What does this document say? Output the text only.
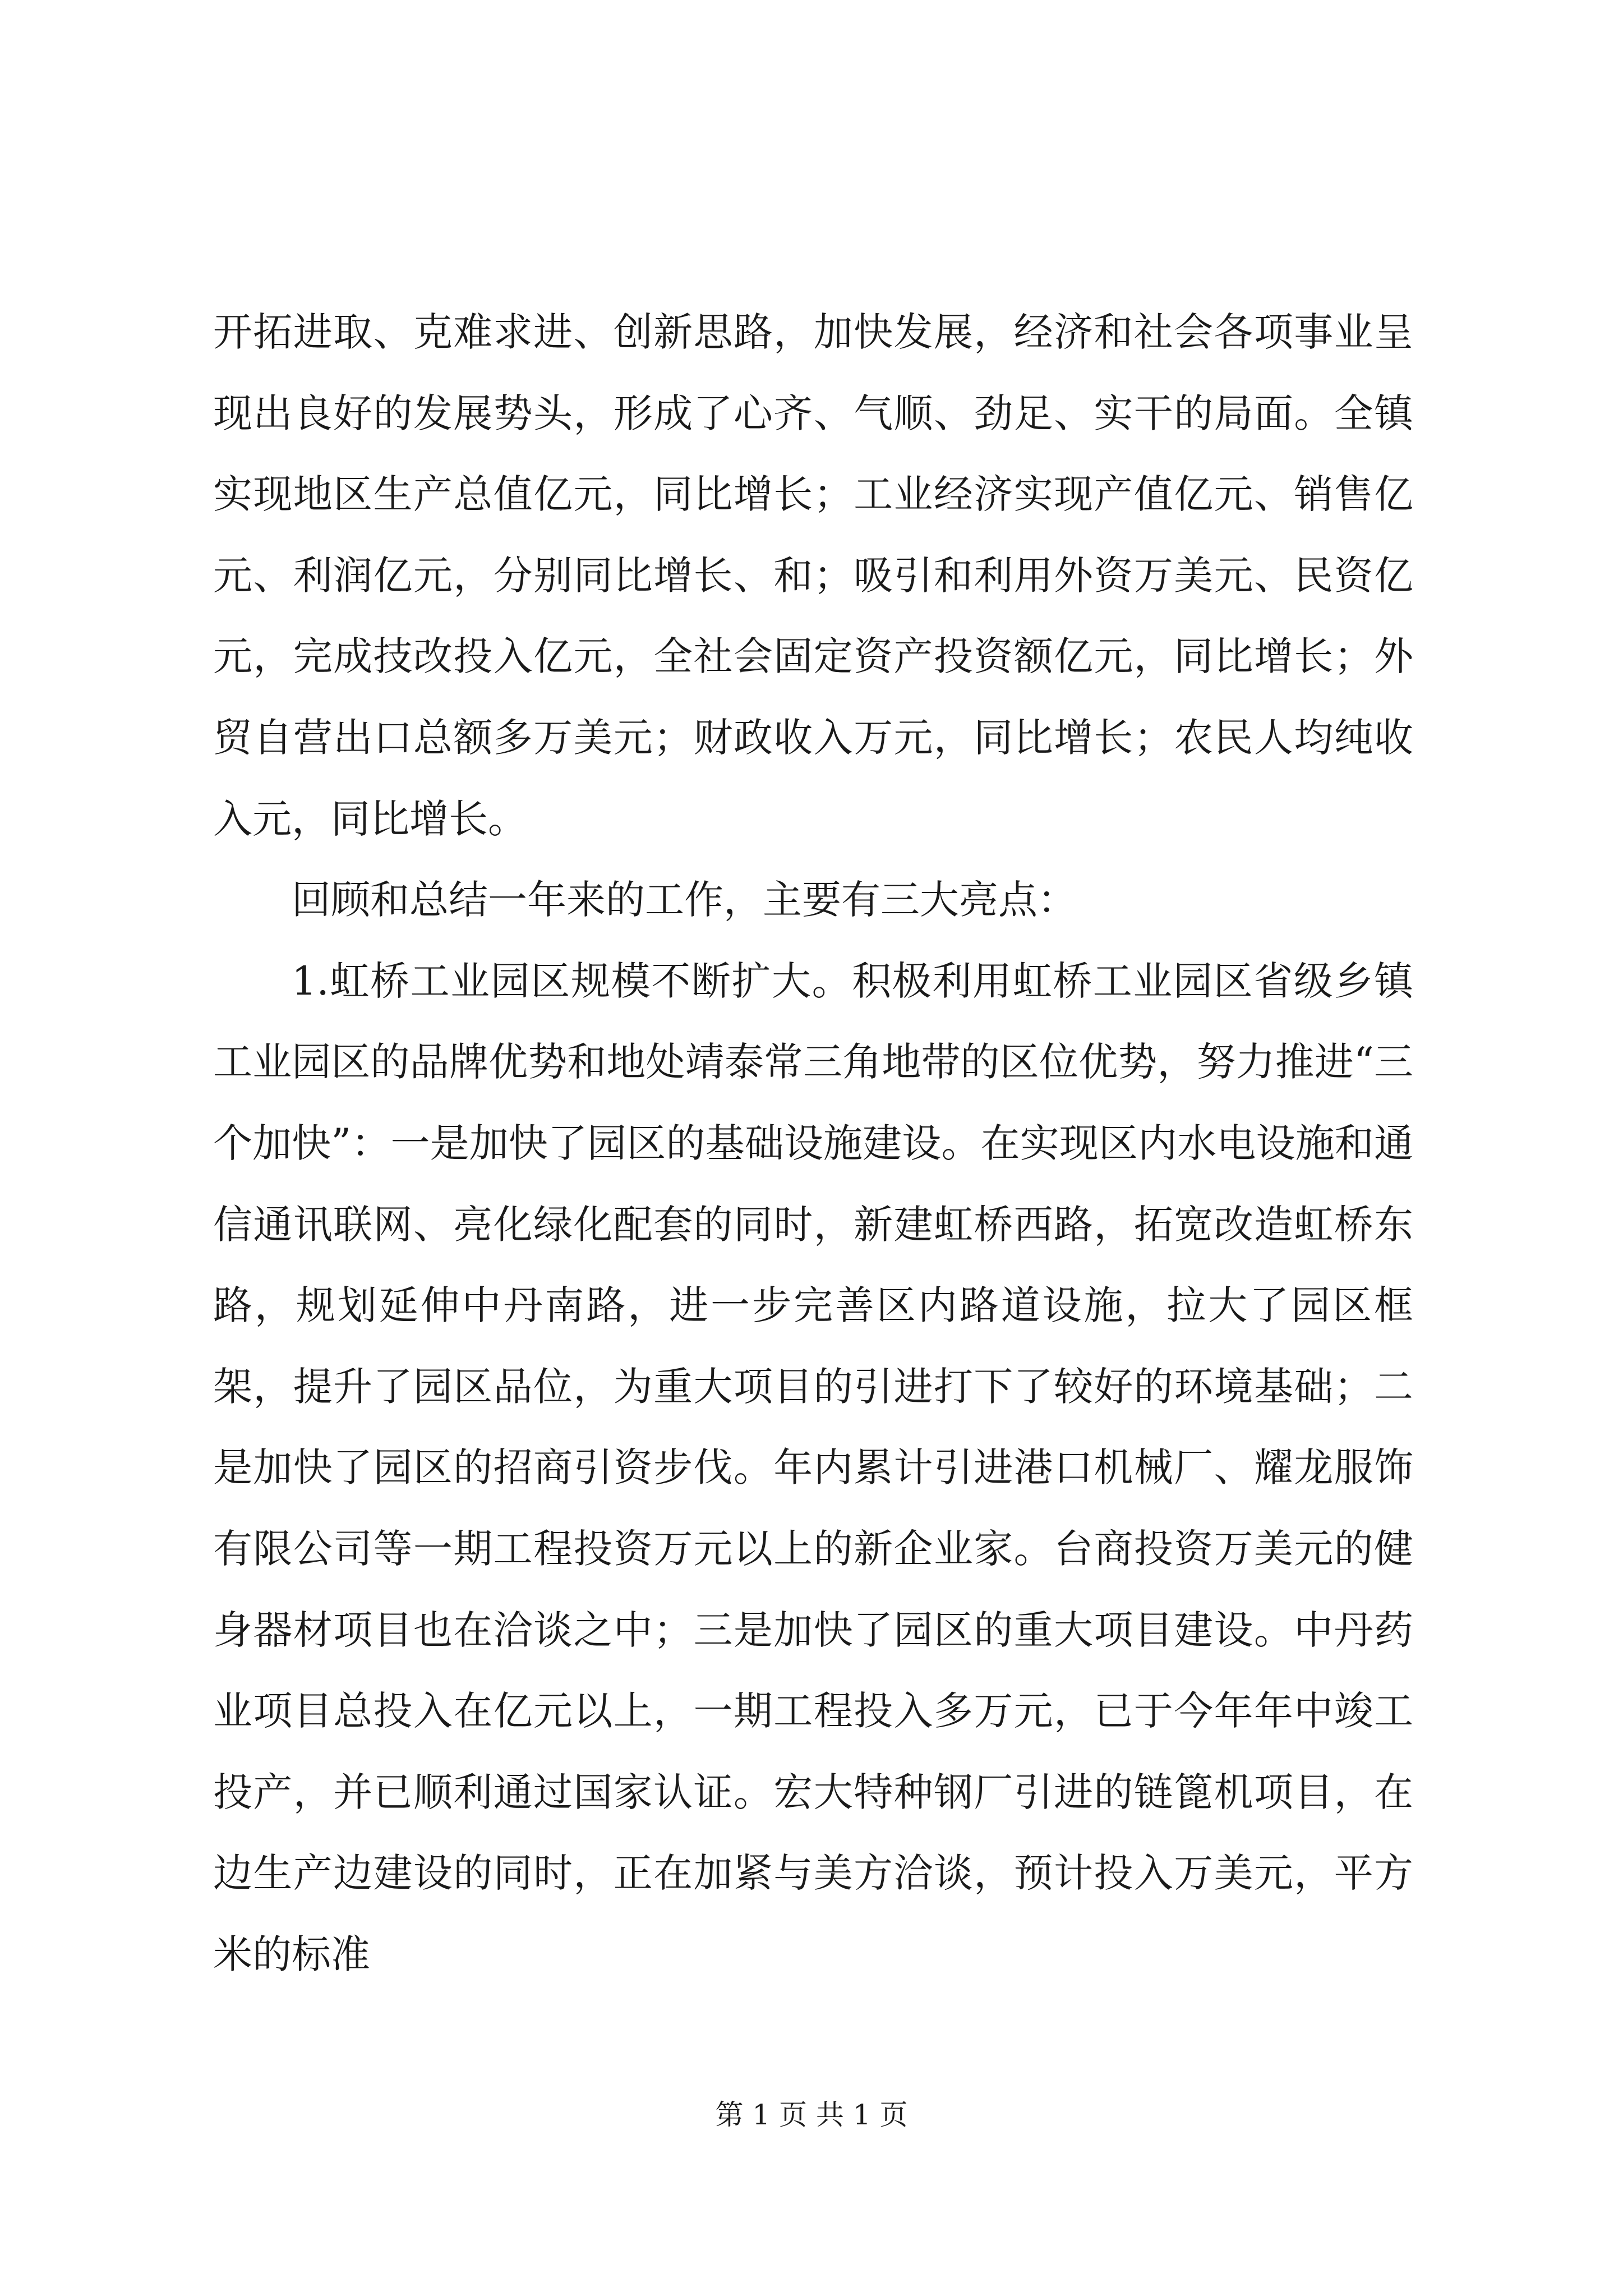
开拓进取、克难求进、创新思路，加快发展，经济和社会各项事业呈现出良好的发展势头，形成了心齐、气顺、劲足、实干的局面。全镇实现地区生产总值亿元，同比增长；工业经济实现产值亿元、销售亿元、利润亿元，分别同比增长、和；吸引和利用外资万美元、民资亿元，完成技改投入亿元，全社会固定资产投资额亿元，同比增长；外贸自营出口总额多万美元；财政收入万元，同比增长；农民人均纯收入元，同比增长。

回顾和总结一年来的工作，主要有三大亮点：

1.虹桥工业园区规模不断扩大。积极利用虹桥工业园区省级乡镇工业园区的品牌优势和地处靖泰常三角地带的区位优势，努力推进“三个加快”：一是加快了园区的基础设施建设。在实现区内水电设施和通信通讯联网、亮化绿化配套的同时，新建虹桥西路，拓宽改造虹桥东路，规划延伸中丹南路，进一步完善区内路道设施，拉大了园区框架，提升了园区品位，为重大项目的引进打下了较好的环境基础；二是加快了园区的招商引资步伐。年内累计引进港口机械厂、耀龙服饰有限公司等一期工程投资万元以上的新企业家。台商投资万美元的健身器材项目也在洽谈之中；三是加快了园区的重大项目建设。中丹药业项目总投入在亿元以上，一期工程投入多万元，已于今年年中竣工投产，并已顺利通过国家认证。宏大特种钢厂引进的链篦机项目，在边生产边建设的同时，正在加紧与美方洽谈，预计投入万美元，平方米的标准

第 1 页 共 1 页
